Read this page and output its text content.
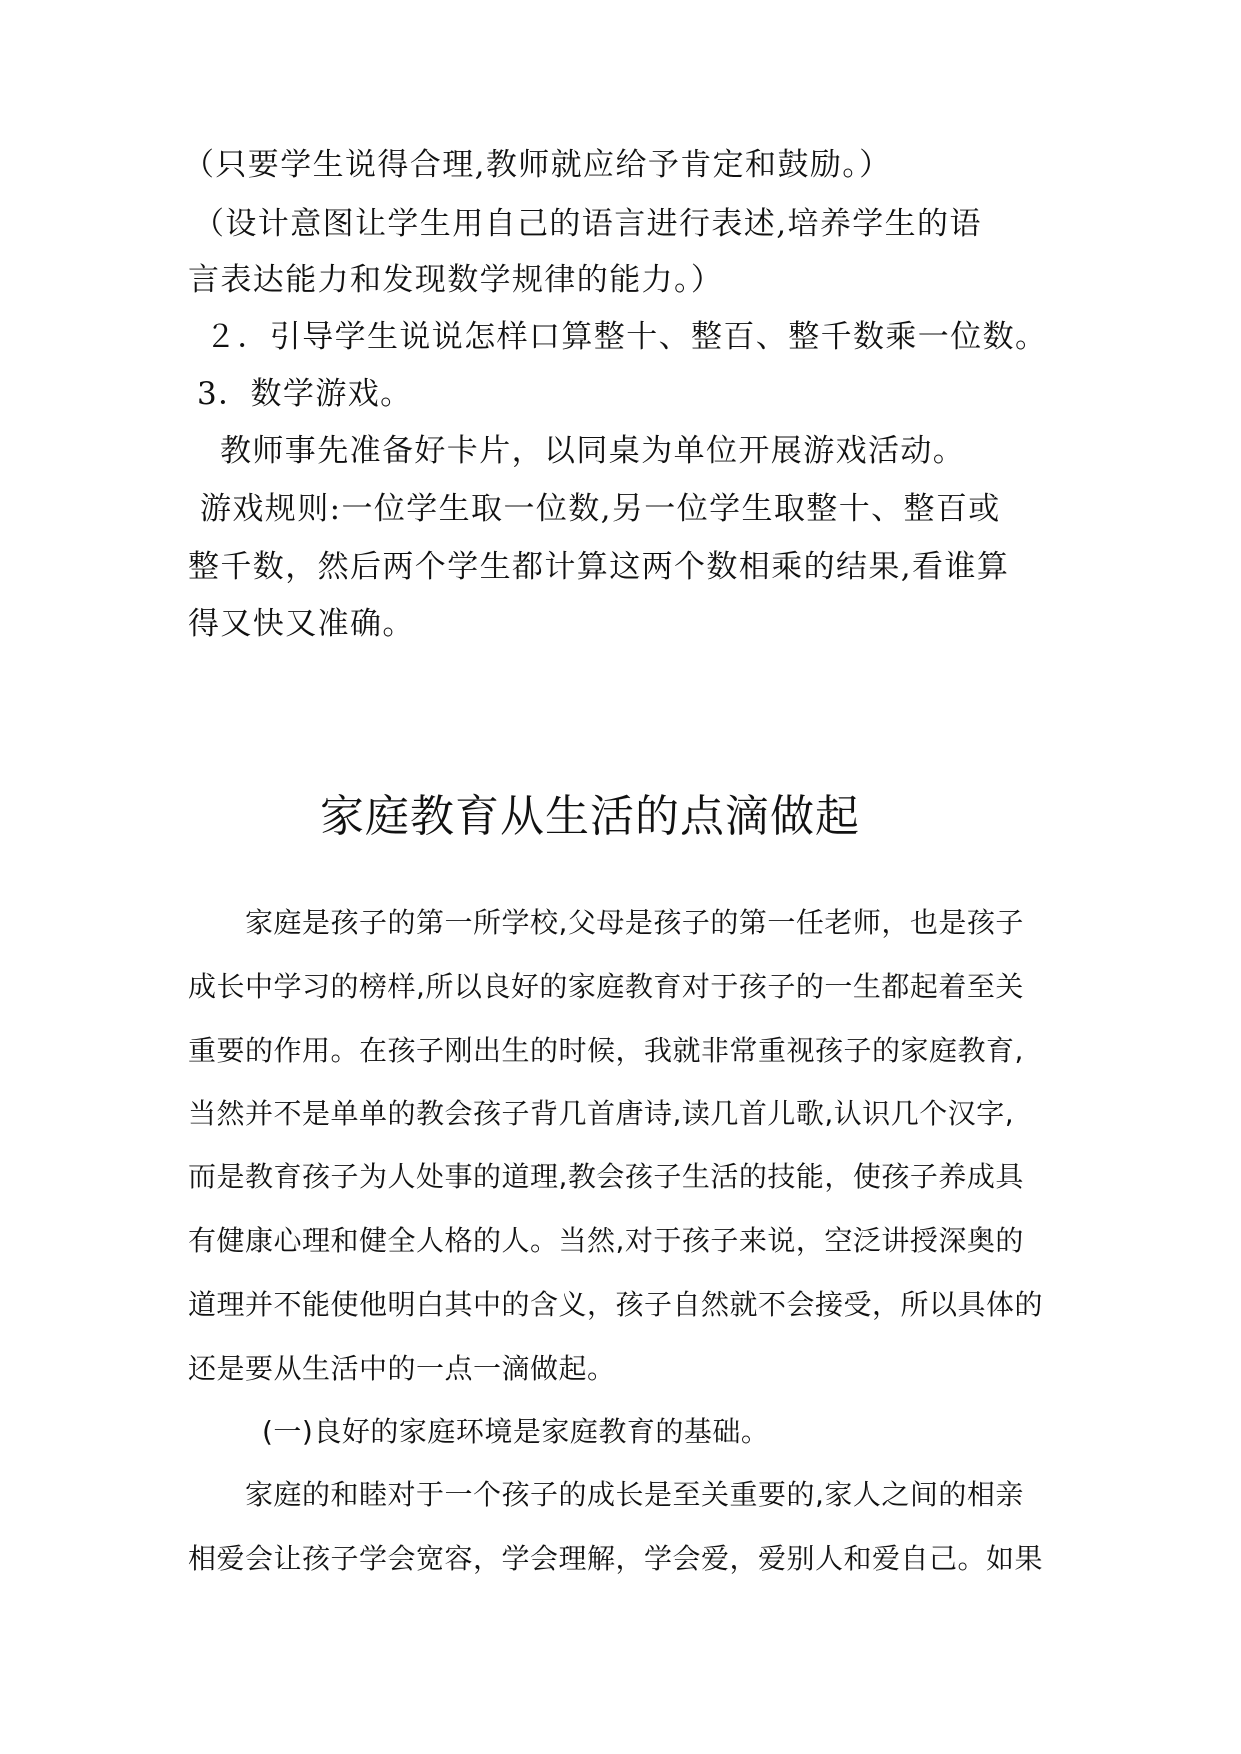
（只要学生说得合理,教师就应给予肯定和鼓励。）

（设计意图让学生用自己的语言进行表述,培养学生的语

言表达能力和发现数学规律的能力。）

２．引导学生说说怎样口算整十、整百、整千数乘一位数。

3．数学游戏。

教师事先准备好卡片，以同桌为单位开展游戏活动。

游戏规则:一位学生取一位数,另一位学生取整十、整百或

整千数，然后两个学生都计算这两个数相乘的结果,看谁算

得又快又准确。

家庭教育从生活的点滴做起

家庭是孩子的第一所学校,父母是孩子的第一任老师，也是孩子

成长中学习的榜样,所以良好的家庭教育对于孩子的一生都起着至关

重要的作用。在孩子刚出生的时候，我就非常重视孩子的家庭教育,

当然并不是单单的教会孩子背几首唐诗,读几首儿歌,认识几个汉字,

而是教育孩子为人处事的道理,教会孩子生活的技能，使孩子养成具

有健康心理和健全人格的人。当然,对于孩子来说，空泛讲授深奥的

道理并不能使他明白其中的含义，孩子自然就不会接受，所以具体的

还是要从生活中的一点一滴做起。

(一)良好的家庭环境是家庭教育的基础。

家庭的和睦对于一个孩子的成长是至关重要的,家人之间的相亲

相爱会让孩子学会宽容，学会理解，学会爱，爱别人和爱自己。如果
